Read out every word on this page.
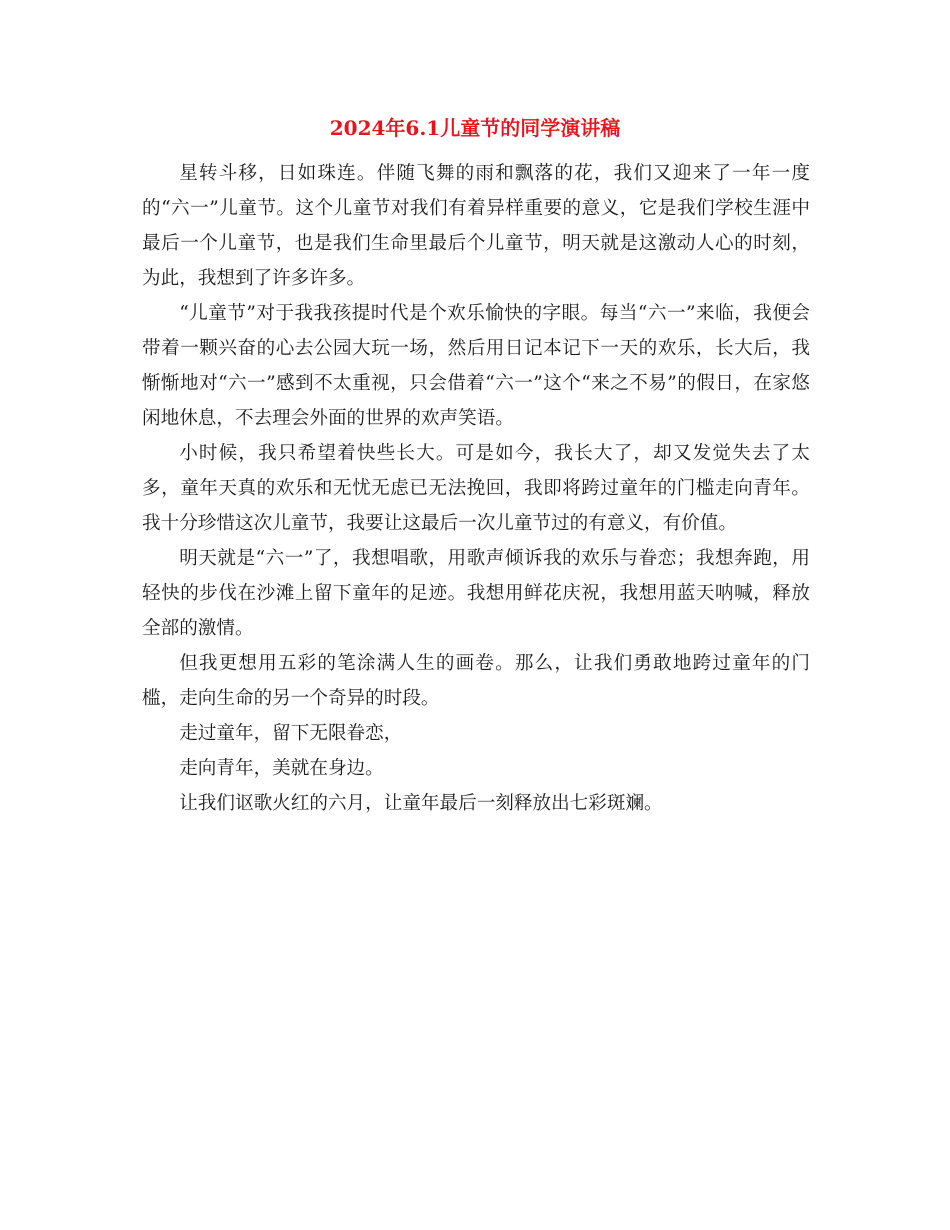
2024年6.1儿童节的同学演讲稿

星转斗移，日如珠连。伴随飞舞的雨和飘落的花，我们又迎来了一年一度的“六一”儿童节。这个儿童节对我们有着异样重要的意义，它是我们学校生涯中最后一个儿童节，也是我们生命里最后个儿童节，明天就是这激动人心的时刻，为此，我想到了许多许多。

“儿童节”对于我我孩提时代是个欢乐愉快的字眼。每当“六一”来临，我便会带着一颗兴奋的心去公园大玩一场，然后用日记本记下一天的欢乐，长大后，我惭惭地对“六一”感到不太重视，只会借着“六一”这个“来之不易”的假日，在家悠闲地休息，不去理会外面的世界的欢声笑语。

小时候，我只希望着快些长大。可是如今，我长大了，却又发觉失去了太多，童年天真的欢乐和无忧无虑已无法挽回，我即将跨过童年的门槛走向青年。我十分珍惜这次儿童节，我要让这最后一次儿童节过的有意义，有价值。

明天就是“六一”了，我想唱歌，用歌声倾诉我的欢乐与眷恋；我想奔跑，用轻快的步伐在沙滩上留下童年的足迹。我想用鲜花庆祝，我想用蓝天呐喊，释放全部的激情。

但我更想用五彩的笔涂满人生的画卷。那么，让我们勇敢地跨过童年的门槛，走向生命的另一个奇异的时段。

走过童年，留下无限眷恋，

走向青年，美就在身边。

让我们讴歌火红的六月，让童年最后一刻释放出七彩斑斓。
